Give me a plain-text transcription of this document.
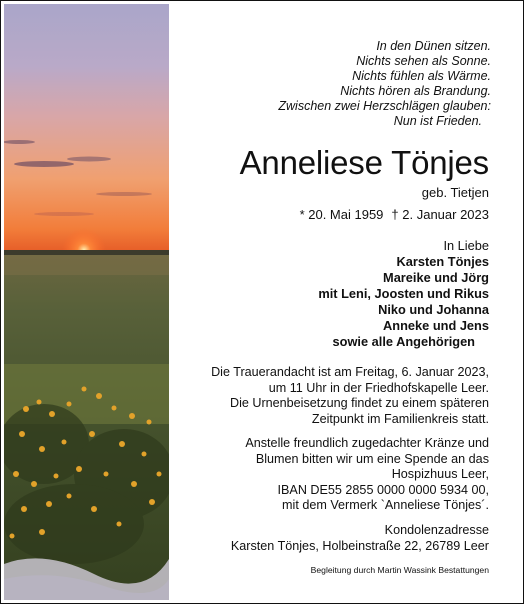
In den Dünen sitzen.
Nichts sehen als Sonne.
Nichts fühlen als Wärme.
Nichts hören als Brandung.
Zwischen zwei Herzschlägen glauben:
Nun ist Frieden.
Anneliese Tönjes
geb. Tietjen
* 20. Mai 1959 † 2. Januar 2023
In Liebe
Karsten Tönjes
Mareike und Jörg
mit Leni, Joosten und Rikus
Niko und Johanna
Anneke und Jens
sowie alle Angehörigen
Die Trauerandacht ist am Freitag, 6. Januar 2023,
um 11 Uhr in der Friedhofskapelle Leer.
Die Urnenbeisetzung findet zu einem späteren
Zeitpunkt im Familienkreis statt.
Anstelle freundlich zugedachter Kränze und
Blumen bitten wir um eine Spende an das
Hospizhuus Leer,
IBAN DE55 2855 0000 0000 5934 00,
mit dem Vermerk `Anneliese Tönjes´.
Kondolenzadresse
Karsten Tönjes, Holbeinstraße 22, 26789 Leer
Begleitung durch Martin Wassink Bestattungen
